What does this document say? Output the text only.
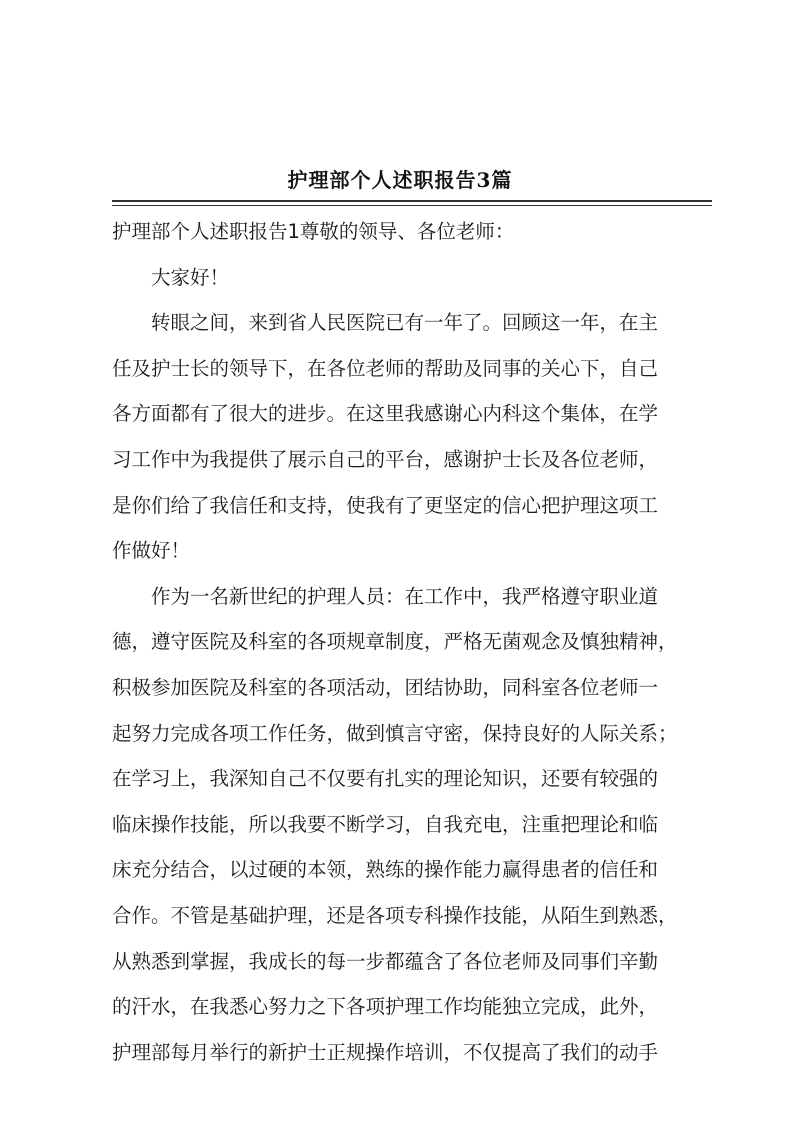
护理部个人述职报告3篇
护理部个人述职报告1尊敬的领导、各位老师：
大家好！
转眼之间，来到省人民医院已有一年了。回顾这一年，在主
任及护士长的领导下，在各位老师的帮助及同事的关心下，自己
各方面都有了很大的进步。在这里我感谢心内科这个集体，在学
习工作中为我提供了展示自己的平台，感谢护士长及各位老师，
是你们给了我信任和支持，使我有了更坚定的信心把护理这项工
作做好！
作为一名新世纪的护理人员：在工作中，我严格遵守职业道
德，遵守医院及科室的各项规章制度，严格无菌观念及慎独精神，
积极参加医院及科室的各项活动，团结协助，同科室各位老师一
起努力完成各项工作任务，做到慎言守密，保持良好的人际关系；
在学习上，我深知自己不仅要有扎实的理论知识，还要有较强的
临床操作技能，所以我要不断学习，自我充电，注重把理论和临
床充分结合，以过硬的本领，熟练的操作能力赢得患者的信任和
合作。不管是基础护理，还是各项专科操作技能，从陌生到熟悉，
从熟悉到掌握，我成长的每一步都蕴含了各位老师及同事们辛勤
的汗水，在我悉心努力之下各项护理工作均能独立完成，此外，
护理部每月举行的新护士正规操作培训，不仅提高了我们的动手
